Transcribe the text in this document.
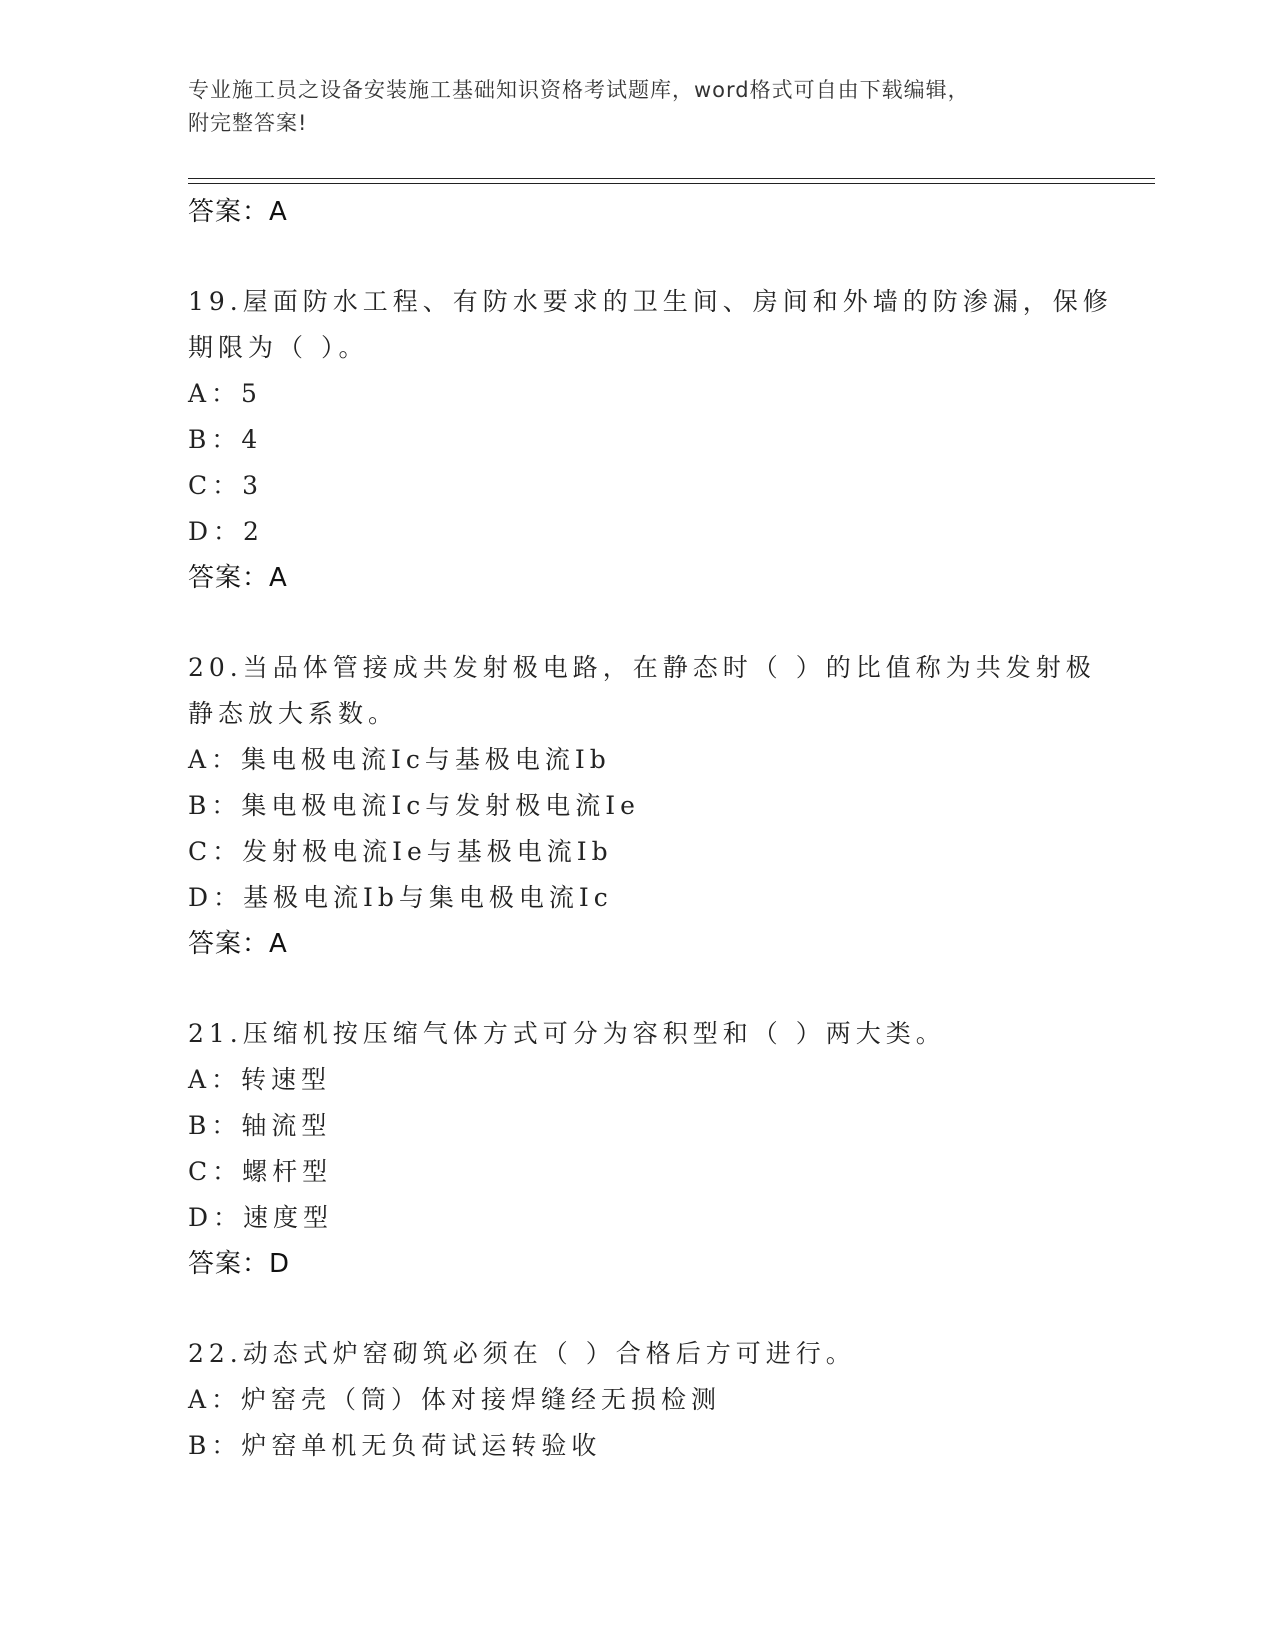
专业施工员之设备安装施工基础知识资格考试题库，word格式可自由下载编辑，
附完整答案!
答案：A
19.屋面防水工程、有防水要求的卫生间、房间和外墙的防渗漏，保修
期限为（ ）。
A：5
B：4
C：3
D：2
答案：A
20.当品体管接成共发射极电路，在静态时（ ）的比值称为共发射极
静态放大系数。
A：集电极电流Ic与基极电流Ib
B：集电极电流Ic与发射极电流Ie
C：发射极电流Ie与基极电流Ib
D：基极电流Ib与集电极电流Ic
答案：A
21.压缩机按压缩气体方式可分为容积型和（ ）两大类。
A：转速型
B：轴流型
C：螺杆型
D：速度型
答案：D
22.动态式炉窑砌筑必须在（ ）合格后方可进行。
A：炉窑壳（筒）体对接焊缝经无损检测
B：炉窑单机无负荷试运转验收
